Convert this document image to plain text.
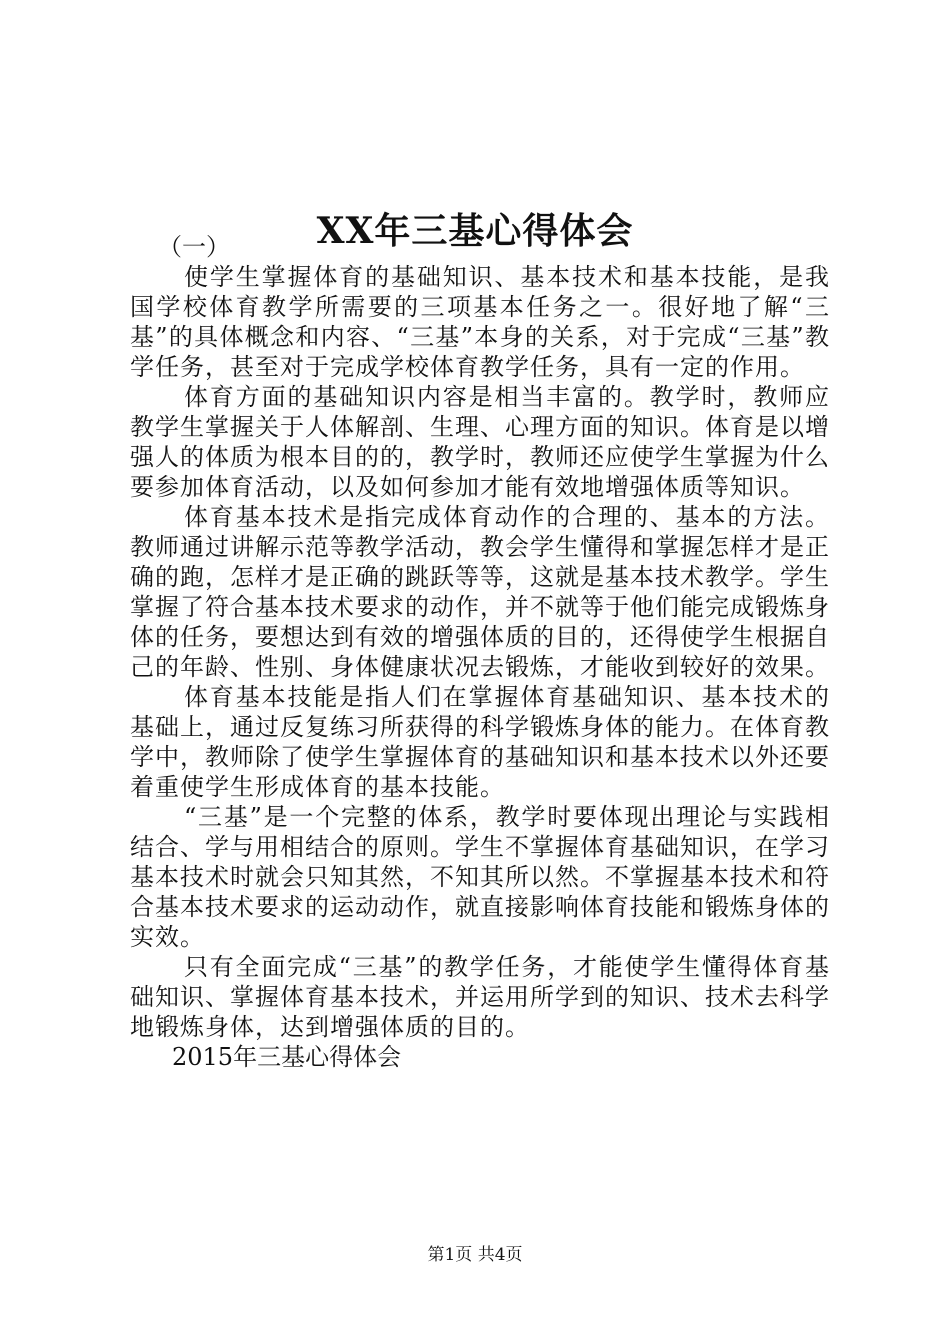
XX年三基心得体会

（一）

使学生掌握体育的基础知识、基本技术和基本技能，是我国学校体育教学所需要的三项基本任务之一。很好地了解“三基”的具体概念和内容、“三基”本身的关系，对于完成“三基”教学任务，甚至对于完成学校体育教学任务，具有一定的作用。

体育方面的基础知识内容是相当丰富的。教学时，教师应教学生掌握关于人体解剖、生理、心理方面的知识。体育是以增强人的体质为根本目的的，教学时，教师还应使学生掌握为什么要参加体育活动，以及如何参加才能有效地增强体质等知识。

体育基本技术是指完成体育动作的合理的、基本的方法。教师通过讲解示范等教学活动，教会学生懂得和掌握怎样才是正确的跑，怎样才是正确的跳跃等等，这就是基本技术教学。学生掌握了符合基本技术要求的动作，并不就等于他们能完成锻炼身体的任务，要想达到有效的增强体质的目的，还得使学生根据自己的年龄、性别、身体健康状况去锻炼，才能收到较好的效果。

体育基本技能是指人们在掌握体育基础知识、基本技术的基础上，通过反复练习所获得的科学锻炼身体的能力。在体育教学中，教师除了使学生掌握体育的基础知识和基本技术以外还要着重使学生形成体育的基本技能。

“三基”是一个完整的体系，教学时要体现出理论与实践相结合、学与用相结合的原则。学生不掌握体育基础知识，在学习基本技术时就会只知其然，不知其所以然。不掌握基本技术和符合基本技术要求的运动动作，就直接影响体育技能和锻炼身体的实效。

只有全面完成“三基”的教学任务，才能使学生懂得体育基础知识、掌握体育基本技术，并运用所学到的知识、技术去科学地锻炼身体，达到增强体质的目的。

2015年三基心得体会

第1页 共4页
